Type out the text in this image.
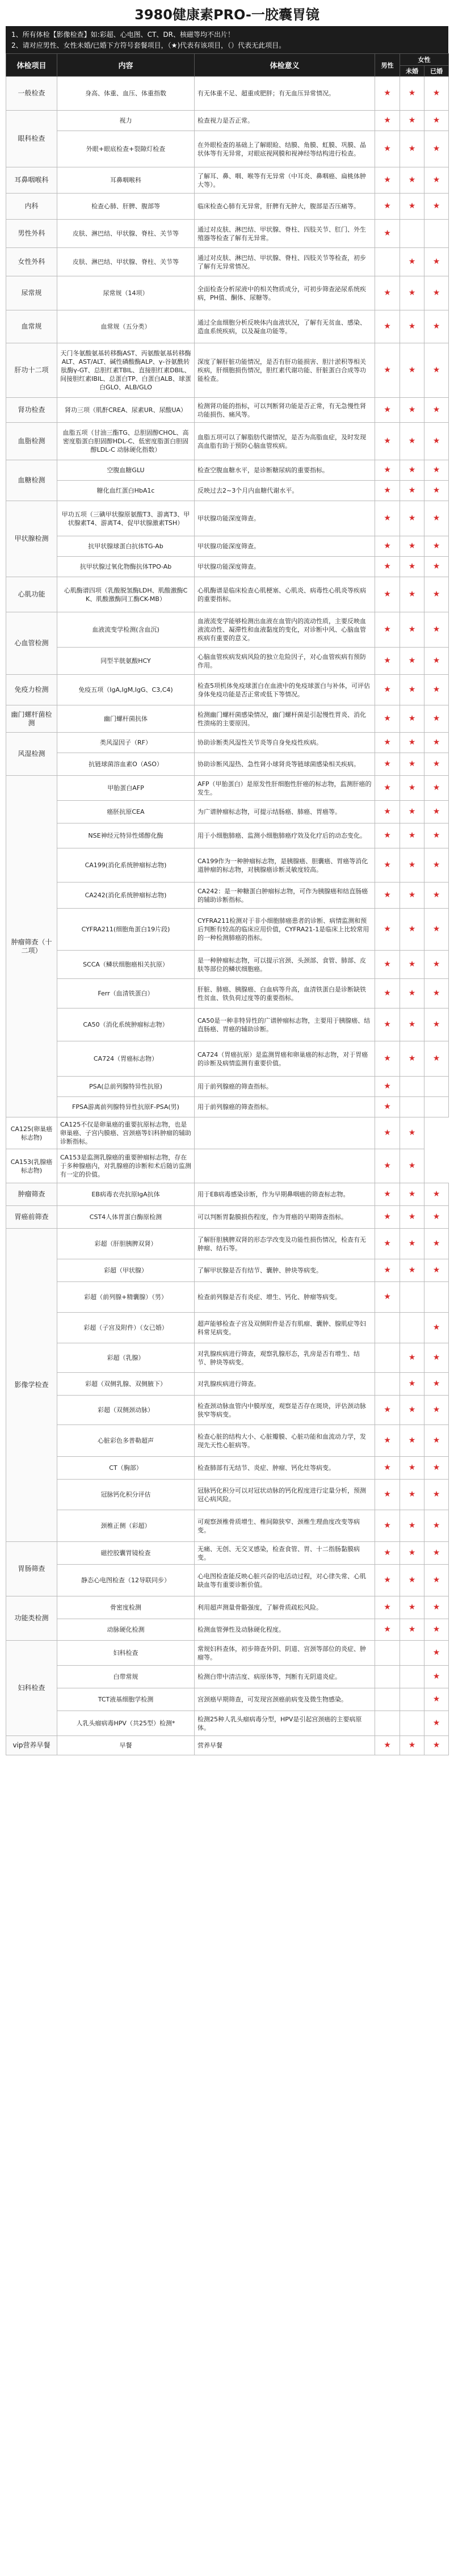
3980健康素PRO-一胶囊胃镜
1、所有体检【影像检查】如:彩超、心电图、CT、DR、核磁等均不出片！
2、请对应男性、女性未婚/已婚下方符号套餐项目，（★)代表有该项目，（）代表无此项目。
体检项目	内容	体检意义	男性	女性	
				未婚	已婚
一般检查	身高、体重、血压、体重指数	有无体重不足、超重或肥胖；有无血压异常情况。	★	★	★
眼科检查	视力	检查视力是否正常。	★	★	★
	外眼+眼底检查+裂隙灯检查	在外眼检查的基础上了解眼睑、结膜、角膜、虹膜、巩膜、晶状体等有无异常，对眼底视网膜和视神经等结构进行检查。	★	★	★
耳鼻咽喉科	耳鼻咽喉科	了解耳、鼻、咽、喉等有无异常（中耳炎、鼻咽癌、扁桃体肿大等）。	★	★	★
内科	检查心肺、肝脾、腹部等	临床检查心肺有无异常，肝脾有无肿大，腹部是否压痛等。	★	★	★
男性外科	皮肤、淋巴结、甲状腺、脊柱、关节等	通过对皮肤、淋巴结、甲状腺、脊柱、四肢关节、肛门、外生殖器等检查了解有无异常。	★		
女性外科	皮肤、淋巴结、甲状腺、脊柱、关节等	通过对皮肤、淋巴结、甲状腺、脊柱、四肢关节等检查，初步了解有无异常情况。		★	★
尿常规	尿常规（14项）	全面检查分析尿液中的相关物质成分，可初步筛查泌尿系统疾病，PH值、酮体、尿糖等。	★	★	★
血常规	血常规（五分类）	通过全血细胞分析反映体内血液状况，了解有无贫血、感染、造血系统疾病，以及凝血功能等。	★	★	★
肝功十二项	天门冬氨酸氨基转移酶AST、丙氨酸氨基转移酶ALT、AST/ALT、碱性磷酸酶ALP、γ-谷氨酰转肽酶γ-GT、总胆红素TBIL、直接胆红素DBIL、间接胆红素IBIL、总蛋白TP、白蛋白ALB、球蛋白GLO、ALB/GLO	深度了解肝脏功能情况，是否有肝功能损害、胆汁淤积等相关疾病，肝细胞损伤情况，胆红素代谢功能、肝脏蛋白合成等功能检查。	★	★	★
肾功检查	肾功三项（肌酐CREA、尿素UR、尿酸UA）	检测肾功能的指标，可以判断肾功能是否正常，有无急慢性肾功能损伤、痛风等。	★	★	★
血脂检测	血脂五项（甘油三酯TG、总胆固醇CHOL、高密度脂蛋白胆固醇HDL-C、低密度脂蛋白胆固醇LDL-C 动脉硬化指数）	血脂五项可以了解脂肪代谢情况，是否为高脂血症，及时发现高血脂有助于预防心脑血管疾病。	★	★	★
血糖检测	空腹血糖GLU	检查空腹血糖水平，是诊断糖尿病的重要指标。	★	★	★
	糖化血红蛋白HbA1c	反映过去2~3个月内血糖代谢水平。	★	★	★
甲状腺检测	甲功五项（三碘甲状腺原氨酸T3、游离T3、甲状腺素T4、游离T4、促甲状腺激素TSH）	甲状腺功能深度筛查。	★	★	★
	抗甲状腺球蛋白抗体TG-Ab	甲状腺功能深度筛查。	★	★	★
	抗甲状腺过氧化物酶抗体TPO-Ab	甲状腺功能深度筛查。	★	★	★
心肌功能	心肌酶谱四项（乳酸脱氢酶LDH、肌酸激酶CK、肌酸激酶同工酶CK-MB）	心肌酶谱是临床检查心肌梗塞、心肌炎、病毒性心肌炎等疾病的重要指标。	★	★	★
心血管检测	血液流变学检测(含血沉)	血液流变学能够检测出血液在血管内的流动性质，主要反映血液流动性、凝滞性和血液黏度的变化，对诊断中风、心脑血管疾病有重要的意义。	★	★	★
	同型半胱氨酸HCY	心脑血管疾病发病风险的独立危险因子，对心血管疾病有预防作用。	★	★	★
免疫力检测	免疫五项（IgA,IgM,IgG、C3,C4)	检查5项机体免疫球蛋白在血液中的免疫球蛋白与补体，可评估身体免疫功能是否正常或低下等情况。	★	★	★
幽门螺杆菌检测	幽门螺杆菌抗体	检测幽门螺杆菌感染情况，幽门螺杆菌是引起慢性胃炎、消化性溃疡的主要原因。	★	★	★
风湿检测	类风湿因子（RF）	协助诊断类风湿性关节炎等自身免疫性疾病。	★	★	★
	抗链球菌溶血素O（ASO）	协助诊断风湿热、急性肾小球肾炎等链球菌感染相关疾病。	★	★	★
肿瘤筛查（十二项）	甲胎蛋白AFP	AFP（甲胎蛋白）是原发性肝细胞性肝癌的标志物，监测肝癌的发生。	★	★	★
	癌胚抗原CEA	为广谱肿瘤标志物，可提示结肠癌、肺癌、胃癌等。	★	★	★
	NSE神经元特异性烯醇化酶	用于小细胞肺癌、监测小细胞肺癌疗效及化疗后的动态变化。	★	★	★
	CA199(消化系统肿瘤标志物)	CA199作为一种肿瘤标志物，是胰腺癌、胆囊癌、胃癌等消化道肿瘤的标志物，对胰腺癌诊断灵敏度较高。	★	★	★
	CA242(消化系统肿瘤标志物)	CA242：是一种糖蛋白肿瘤标志物，可作为胰腺癌和结直肠癌的辅助诊断指标。	★	★	★
	CYFRA211(细胞角蛋白19片段)	CYFRA211检测对于非小细胞肺癌患者的诊断、病情监测和预后判断有较高的临床应用价值，CYFRA21-1是临床上比较常用的一种检测肺癌的指标。	★	★	★
	SCCA（鳞状细胞癌相关抗原）	是一种肿瘤标志物，可以提示宫颈、头颈部、食管、肺部、皮肤等部位的鳞状细胞癌。	★	★	★
	Ferr（血清铁蛋白）	肝脏、肺癌、胰腺癌、白血病等升高，血清铁蛋白是诊断缺铁性贫血、铁负荷过度等的重要指标。	★	★	★
	CA50（消化系统肿瘤标志物）	CA50是一种非特异性的广谱肿瘤标志物，主要用于胰腺癌、结直肠癌、胃癌的辅助诊断。	★	★	★
	CA724（胃癌标志物）	CA724（胃癌抗原）是监测胃癌和卵巢癌的标志物，对于胃癌的诊断及病情监测有重要价值。	★	★	★
	PSA(总前列腺特异性抗原)	用于前列腺癌的筛查指标。	★		
	FPSA游离前列腺特异性抗原F-PSA(男)	用于前列腺癌的筛查指标。	★		
CA125(卵巢癌标志物)	CA125不仅是卵巢癌的重要抗原标志物，也是卵巢癌、子宫内膜癌、宫颈癌等妇科肿瘤的辅助诊断指标。		★	★	
CA153(乳腺癌标志物)	CA153是监测乳腺癌的重要肿瘤标志物，存在于多种腺癌内，对乳腺癌的诊断和术后随访监测有一定的价值。		★	★	
肿瘤筛查	EB病毒衣壳抗原IgA抗体	用于EB病毒感染诊断，作为早期鼻咽癌的筛查标志物。	★	★	★
胃癌前筛查	CST4人体胃蛋白酶原检测	可以判断胃黏膜损伤程度，作为胃癌的早期筛查指标。	★	★	★
影像学检查	彩超（肝胆胰脾双肾）	了解肝胆胰脾双肾的形态学改变及功能性损伤情况，检查有无肿瘤、结石等。	★	★	★
	彩超（甲状腺）	了解甲状腺是否有结节、囊肿、肿块等病变。	★	★	★
	彩超（前列腺+精囊腺）（男）	检查前列腺是否有炎症、增生、钙化、肿瘤等病变。	★		
	彩超（子宫及附件）（女已婚）	超声能够检查子宫及双侧附件是否有肌瘤、囊肿、腺肌症等妇科常见病变。			★
	彩超（乳腺）	对乳腺疾病进行筛查，观察乳腺形态，乳房是否有增生、结节、肿块等病变。		★	★
	彩超（双侧乳腺、双侧腋下）	对乳腺疾病进行筛查。		★	★
	彩超（双侧颈动脉）	检查颈动脉血管内中膜厚度，观察是否存在斑块，评估颈动脉狭窄等病变。	★	★	★
	心脏彩色多普勒超声	检查心脏的结构大小、心脏瓣膜、心脏功能和血流动力学，发现先天性心脏病等。	★	★	★
	CT（胸部）	检查肺部有无结节、炎症、肿瘤、钙化灶等病变。	★	★	★
	冠脉钙化积分评估	冠脉钙化积分可以对冠状动脉的钙化程度进行定量分析，预测冠心病风险。	★	★	★
	颈椎正侧（彩超）	可观察颈椎骨质增生、椎间隙狭窄、颈椎生理曲度改变等病变。	★	★	★
胃肠筛查	磁控胶囊胃镜检查	无痛、无创、无交叉感染，检查食管、胃、十二指肠黏膜病变。	★	★	★
	静态心电图检查（12导联同步）	心电图检查能反映心脏兴奋的电活动过程，对心律失常、心肌缺血等有重要诊断价值。	★	★	★
功能类检测	骨密度检测	利用超声测量骨骼强度，了解骨质疏松风险。	★	★	★
	动脉硬化检测	检测血管弹性及动脉硬化程度。	★	★	★
妇科检查	妇科检查	常规妇科查体，初步筛查外阴、阴道、宫颈等部位的炎症、肿瘤等。			★
	白带常规	检测白带中清洁度、病原体等，判断有无阴道炎症。			★
	TCT液基细胞学检测	宫颈癌早期筛查，可发现宫颈癌前病变及微生物感染。			★
	人乳头瘤病毒HPV（共25型）检测*	检测25种人乳头瘤病毒分型，HPV是引起宫颈癌的主要病原体。			★
vip营养早餐	早餐	营养早餐	★	★	★
